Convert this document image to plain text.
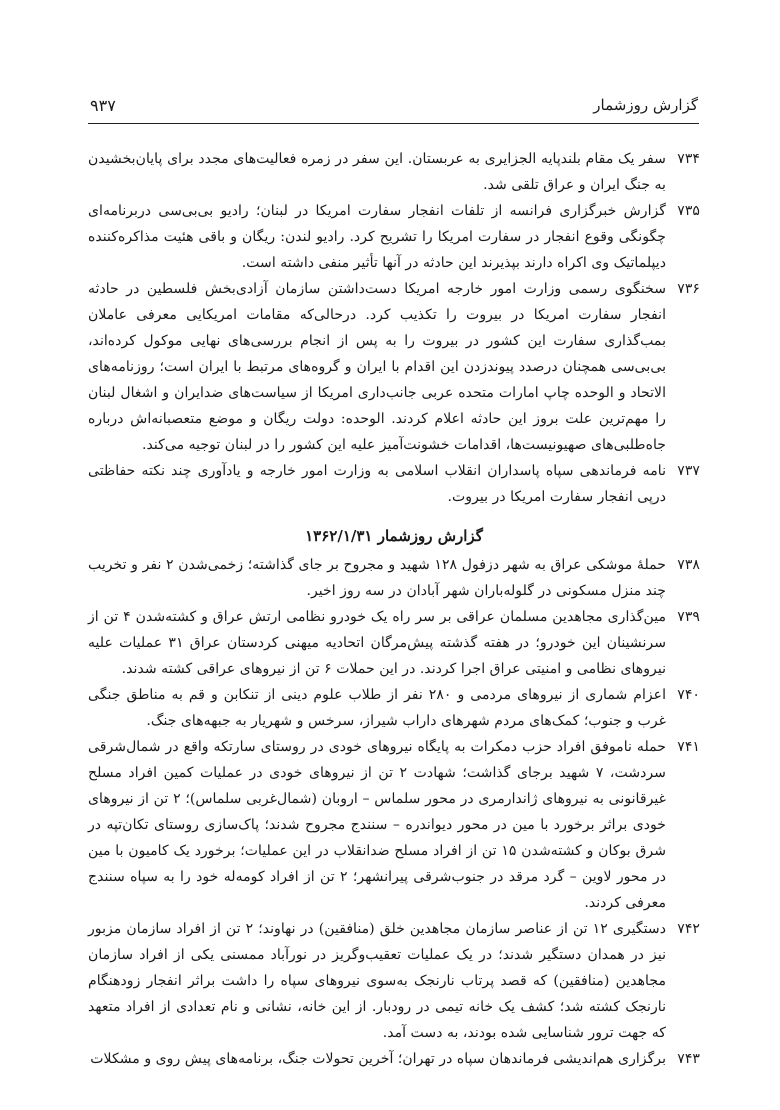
گزارش روزشمار
۹۳۷

۷۳۴
سفر یک مقام بلندپایه الجزایری به عربستان. این سفر در زمره فعالیت‌های مجدد برای پایان‌بخشیدن به جنگ ایران و عراق تلقی شد.

۷۳۵
گزارش خبرگزاری فرانسه از تلفات انفجار سفارت امریکا در لبنان؛ رادیو بی‌بی‌سی دربرنامه‌ای چگونگی وقوع انفجار در سفارت امریکا را تشریح کرد. رادیو لندن: ریگان و باقی هئیت مذاکره‌کننده دیپلماتیک وی اکراه دارند بپذیرند این حادثه در آنها تأثیر منفی داشته است.

۷۳۶
سخنگوی رسمی وزارت امور خارجه امریکا دست‌داشتن سازمان آزادی‌بخش فلسطین در حادثه انفجار سفارت امریکا در بیروت را تکذیب کرد. درحالی‌که مقامات امریکایی معرفی عاملان بمب‌گذاری سفارت این کشور در بیروت را به پس از انجام بررسی‌های نهایی موکول کرده‌اند، بی‌بی‌سی همچنان درصدد پیوندزدن این اقدام با ایران و گروه‌های مرتبط با ایران است؛ روزنامه‌های الاتحاد و الوحده چاپ امارات متحده عربی جانب‌داری امریکا از سیاست‌های ضدایران و اشغال لبنان را مهم‌ترین علت بروز این حادثه اعلام کردند. الوحده: دولت ریگان و موضع متعصبانه‌اش درباره جاه‌طلبی‌های صهیونیست‌ها، اقدامات خشونت‌آمیز علیه این کشور را در لبنان توجیه می‌کند.

۷۳۷
نامه فرماندهی سپاه پاسداران انقلاب اسلامی به وزارت امور خارجه و یادآوری چند نکته حفاظتی درپی انفجار سفارت امریکا در بیروت.

گزارش روزشمار ۱۳۶۲/۱/۳۱

۷۳۸
حملهٔ موشکی عراق به شهر دزفول ۱۲۸ شهید و مجروح بر جای گذاشته؛ زخمی‌شدن ۲ نفر و تخریب چند منزل مسکونی در گلوله‌باران شهر آبادان در سه روز اخیر.

۷۳۹
مین‌گذاری مجاهدین مسلمان عراقی بر سر راه یک خودرو نظامی ارتش عراق و کشته‌شدن ۴ تن از سرنشینان این خودرو؛ در هفته گذشته پیش‌مرگان اتحادیه میهنی کردستان عراق ۳۱ عملیات علیه نیروهای نظامی و امنیتی عراق اجرا کردند. در این حملات ۶ تن از نیروهای عراقی کشته شدند.

۷۴۰
اعزام شماری از نیروهای مردمی و ۲۸۰ نفر از طلاب علوم دینی از تنکابن و قم به مناطق جنگی غرب و جنوب؛ کمک‌های مردم شهرهای داراب شیراز، سرخس و شهریار به جبهه‌های جنگ.

۷۴۱
حمله ناموفق افراد حزب دمکرات به پایگاه نیروهای خودی در روستای سارتکه واقع در شمال‌شرقی سردشت، ۷ شهید برجای گذاشت؛ شهادت ۲ تن از نیروهای خودی در عملیات کمین افراد مسلح غیرقانونی به نیروهای ژاندارمری در محور سلماس – اروبان (شمال‌غربی سلماس)؛ ۲ تن از نیروهای خودی براثر برخورد با مین در محور دیواندره – سنندج مجروح شدند؛ پاک‌سازی روستای تکان‌تپه در شرق بوکان و کشته‌شدن ۱۵ تن از افراد مسلح ضدانقلاب در این عملیات؛ برخورد یک کامیون با مین در محور لاوین – گرد مرقد در جنوب‌شرقی پیرانشهر؛ ۲ تن از افراد کومه‌له خود را به سپاه سنندج معرفی کردند.

۷۴۲
دستگیری ۱۲ تن از عناصر سازمان مجاهدین خلق (منافقین) در نهاوند؛ ۲ تن از افراد سازمان مزبور نیز در همدان دستگیر شدند؛ در یک عملیات تعقیب‌وگریز در نورآباد ممسنی یکی از افراد سازمان مجاهدین (منافقین) که قصد پرتاب نارنجک به‌سوی نیروهای سپاه را داشت براثر انفجار زودهنگام نارنجک کشته شد؛ کشف یک خانه تیمی در رودبار. از این خانه، نشانی و نام تعدادی از افراد متعهد که جهت ترور شناسایی شده بودند، به دست آمد.

۷۴۳
برگزاری هم‌اندیشی فرماندهان سپاه در تهران؛ آخرین تحولات جنگ، برنامه‌های پیش روی و مشکلات
